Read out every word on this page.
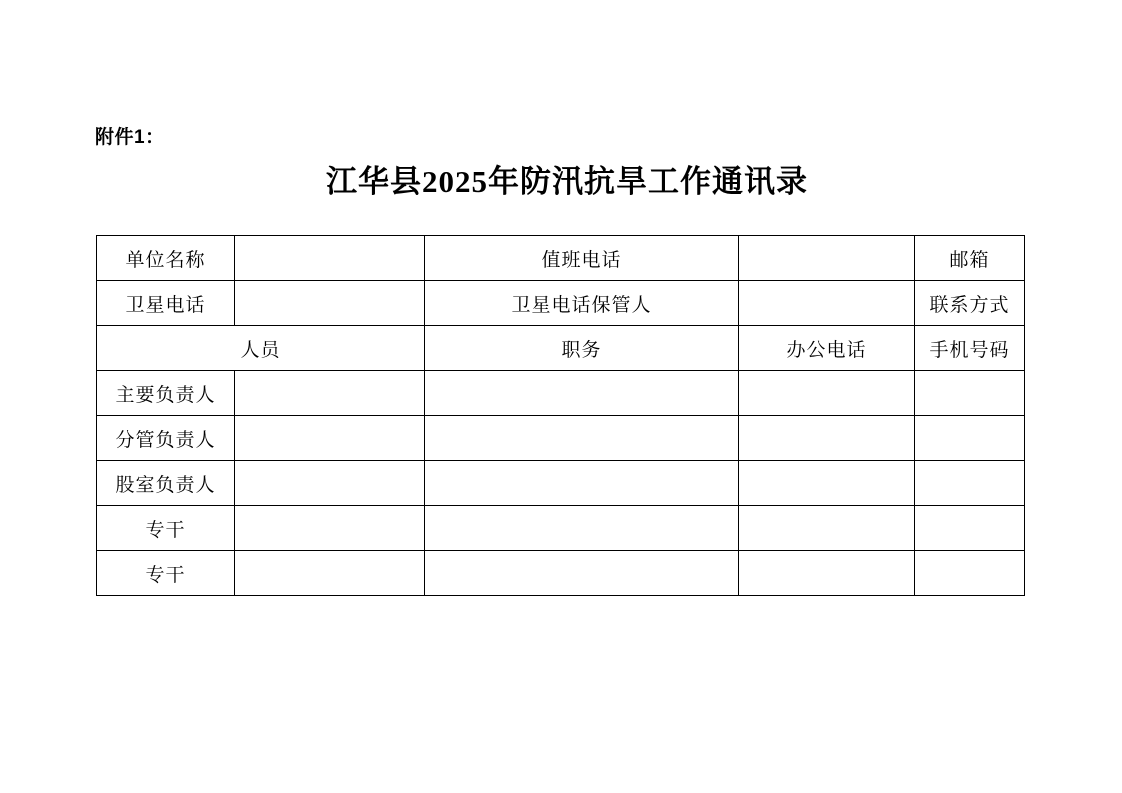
附件1：
江华县2025年防汛抗旱工作通讯录
单位名称		值班电话		邮箱
卫星电话		卫星电话保管人		联系方式
人员		职务	办公电话	手机号码
主要负责人				
分管负责人				
股室负责人				
专干				
专干				
